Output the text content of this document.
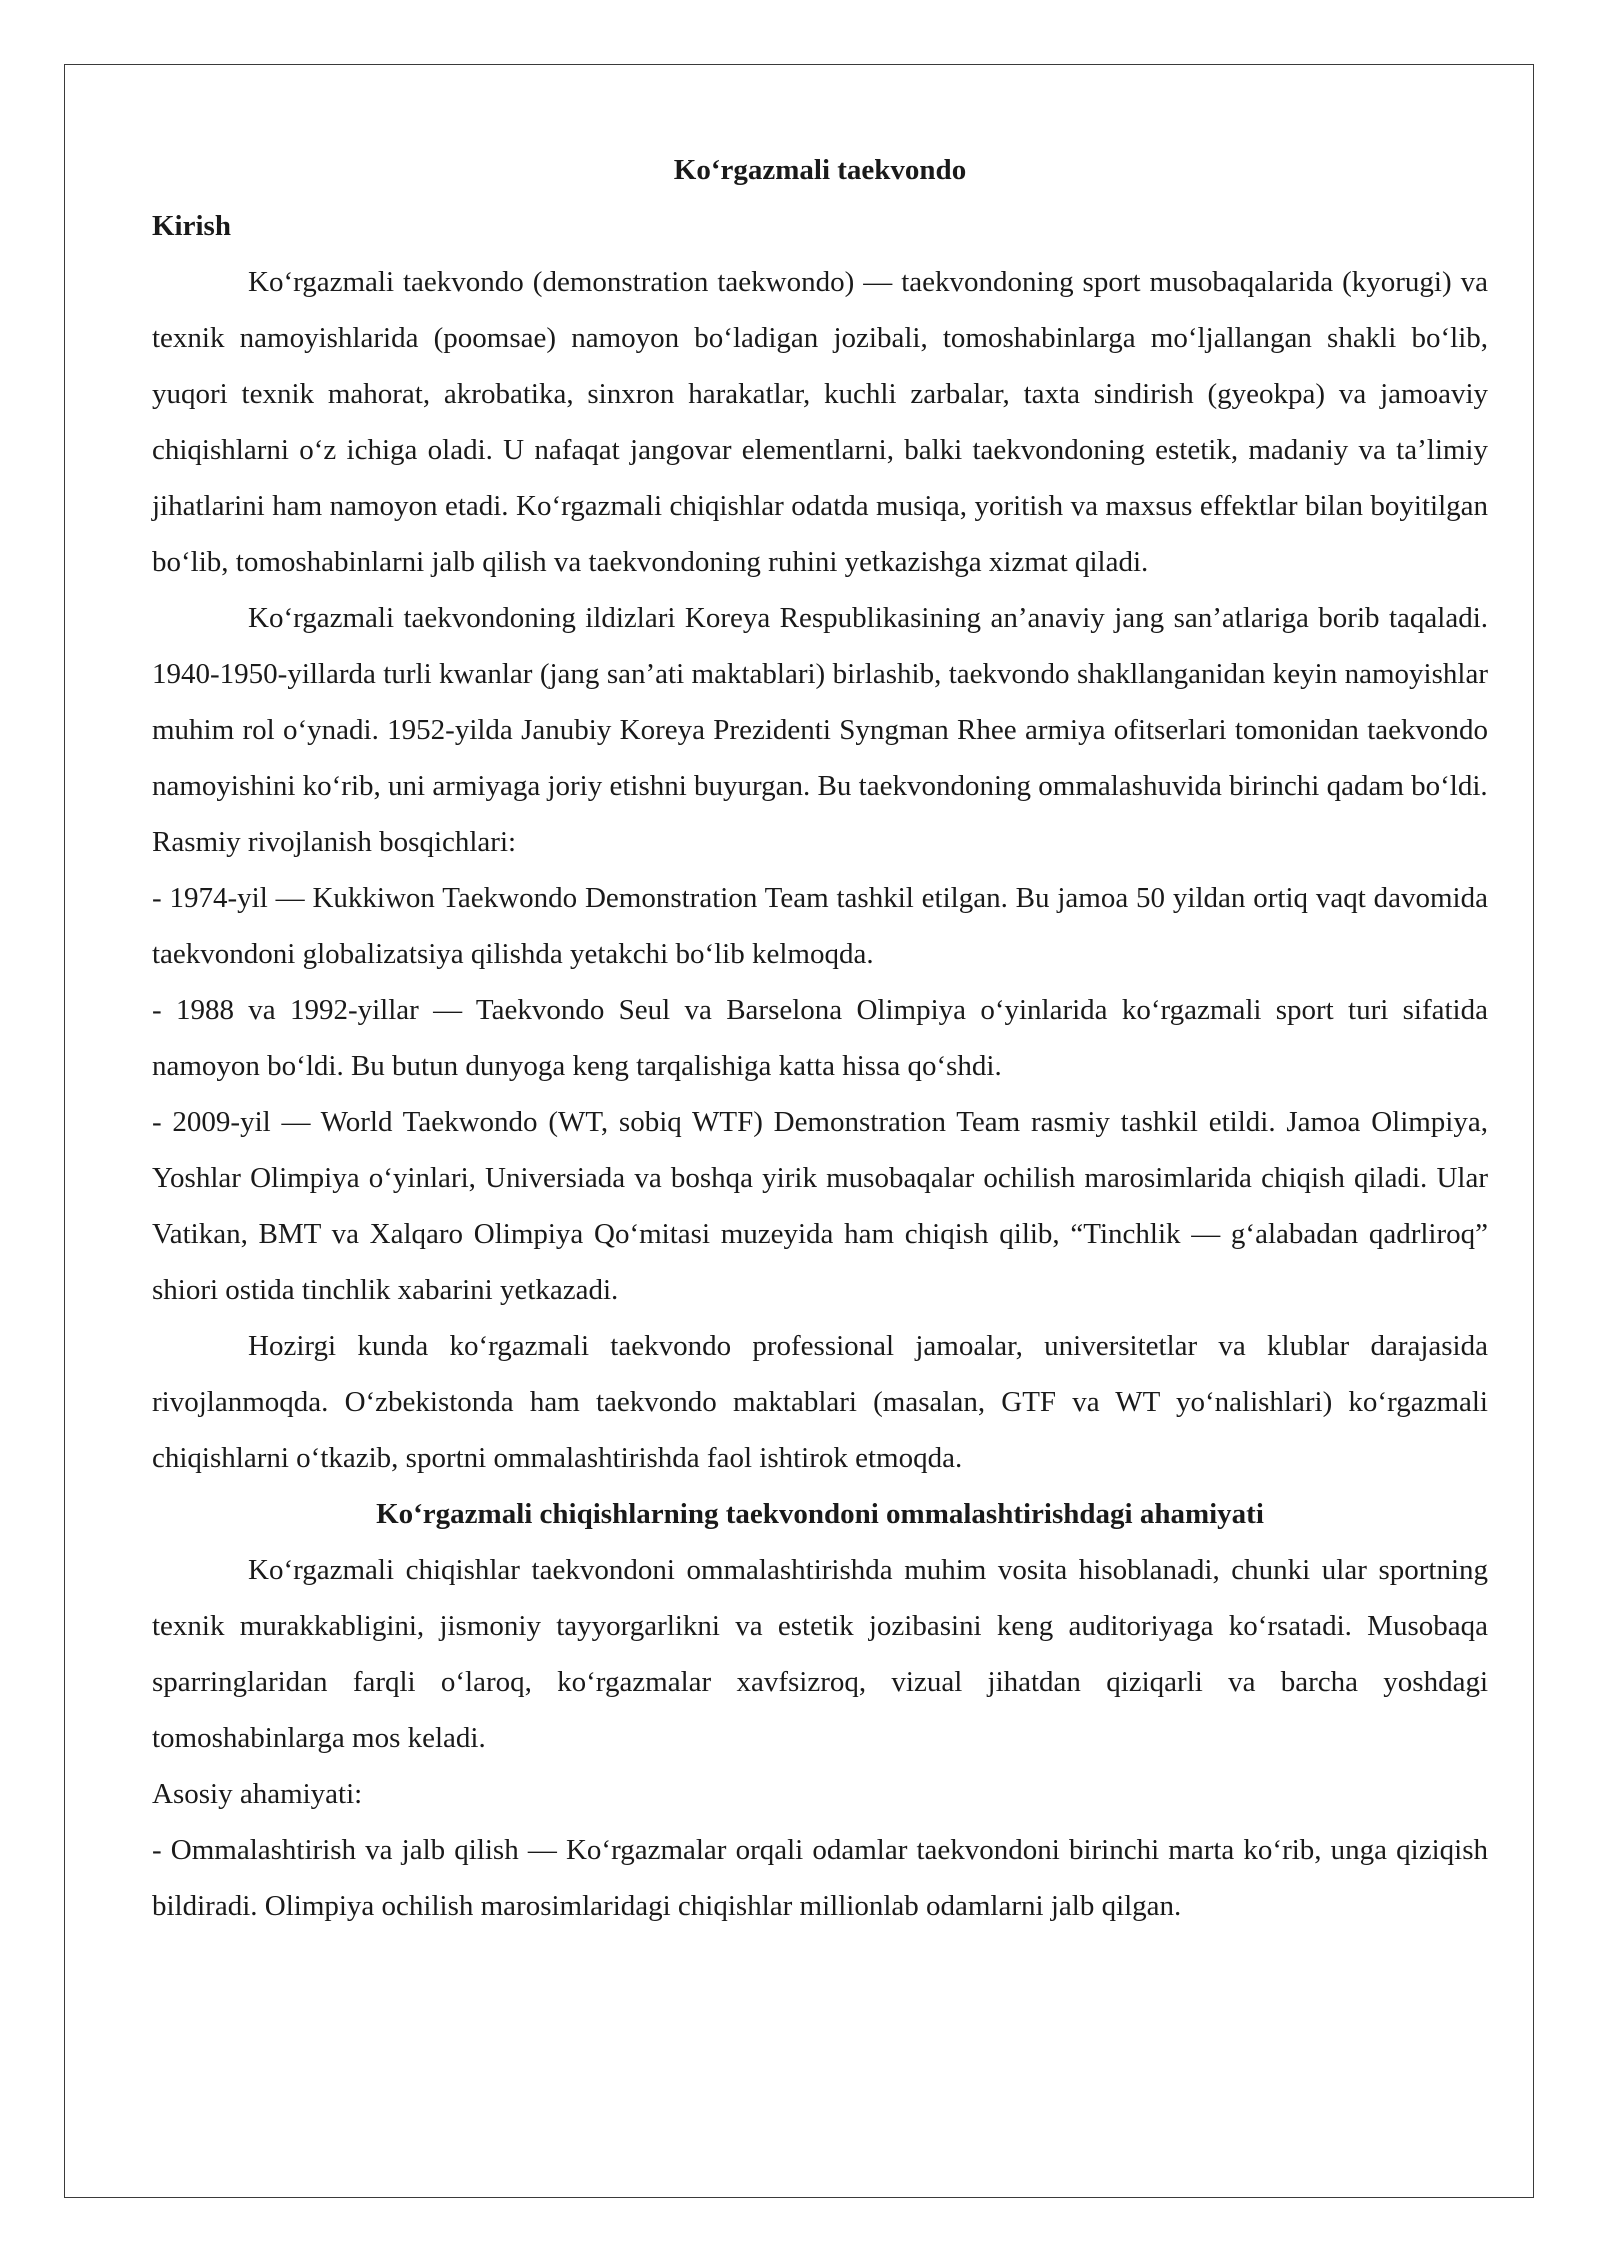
Ko‘rgazmali taekvondo

Kirish

Ko‘rgazmali taekvondo (demonstration taekwondo) — taekvondoning sport musobaqalarida (kyorugi) va texnik namoyishlarida (poomsae) namoyon bo‘ladigan jozibali, tomoshabinlarga mo‘ljallangan shakli bo‘lib, yuqori texnik mahorat, akrobatika, sinxron harakatlar, kuchli zarbalar, taxta sindirish (gyeokpa) va jamoaviy chiqishlarni o‘z ichiga oladi. U nafaqat jangovar elementlarni, balki taekvondoning estetik, madaniy va ta’limiy jihatlarini ham namoyon etadi. Ko‘rgazmali chiqishlar odatda musiqa, yoritish va maxsus effektlar bilan boyitilgan bo‘lib, tomoshabinlarni jalb qilish va taekvondoning ruhini yetkazishga xizmat qiladi.

Ko‘rgazmali taekvondoning ildizlari Koreya Respublikasining an’anaviy jang san’atlariga borib taqaladi. 1940-1950-yillarda turli kwanlar (jang san’ati maktablari) birlashib, taekvondo shakllanganidan keyin namoyishlar muhim rol o‘ynadi. 1952-yilda Janubiy Koreya Prezidenti Syngman Rhee armiya ofitserlari tomonidan taekvondo namoyishini ko‘rib, uni armiyaga joriy etishni buyurgan. Bu taekvondoning ommalashuvida birinchi qadam bo‘ldi.

Rasmiy rivojlanish bosqichlari:

- 1974-yil — Kukkiwon Taekwondo Demonstration Team tashkil etilgan. Bu jamoa 50 yildan ortiq vaqt davomida taekvondoni globalizatsiya qilishda yetakchi bo‘lib kelmoqda.

- 1988 va 1992-yillar — Taekvondo Seul va Barselona Olimpiya o‘yinlarida ko‘rgazmali sport turi sifatida namoyon bo‘ldi. Bu butun dunyoga keng tarqalishiga katta hissa qo‘shdi.

- 2009-yil — World Taekwondo (WT, sobiq WTF) Demonstration Team rasmiy tashkil etildi. Jamoa Olimpiya, Yoshlar Olimpiya o‘yinlari, Universiada va boshqa yirik musobaqalar ochilish marosimlarida chiqish qiladi. Ular Vatikan, BMT va Xalqaro Olimpiya Qo‘mitasi muzeyida ham chiqish qilib, “Tinchlik — g‘alabadan qadrliroq” shiori ostida tinchlik xabarini yetkazadi.

Hozirgi kunda ko‘rgazmali taekvondo professional jamoalar, universitetlar va klublar darajasida rivojlanmoqda. O‘zbekistonda ham taekvondo maktablari (masalan, GTF va WT yo‘nalishlari) ko‘rgazmali chiqishlarni o‘tkazib, sportni ommalashtirishda faol ishtirok etmoqda.

Ko‘rgazmali chiqishlarning taekvondoni ommalashtirishdagi ahamiyati

Ko‘rgazmali chiqishlar taekvondoni ommalashtirishda muhim vosita hisoblanadi, chunki ular sportning texnik murakkabligini, jismoniy tayyorgarlikni va estetik jozibasini keng auditoriyaga ko‘rsatadi. Musobaqa sparringlaridan farqli o‘laroq, ko‘rgazmalar xavfsizroq, vizual jihatdan qiziqarli va barcha yoshdagi tomoshabinlarga mos keladi.

Asosiy ahamiyati:

- Ommalashtirish va jalb qilish — Ko‘rgazmalar orqali odamlar taekvondoni birinchi marta ko‘rib, unga qiziqish bildiradi. Olimpiya ochilish marosimlaridagi chiqishlar millionlab odamlarni jalb qilgan.
